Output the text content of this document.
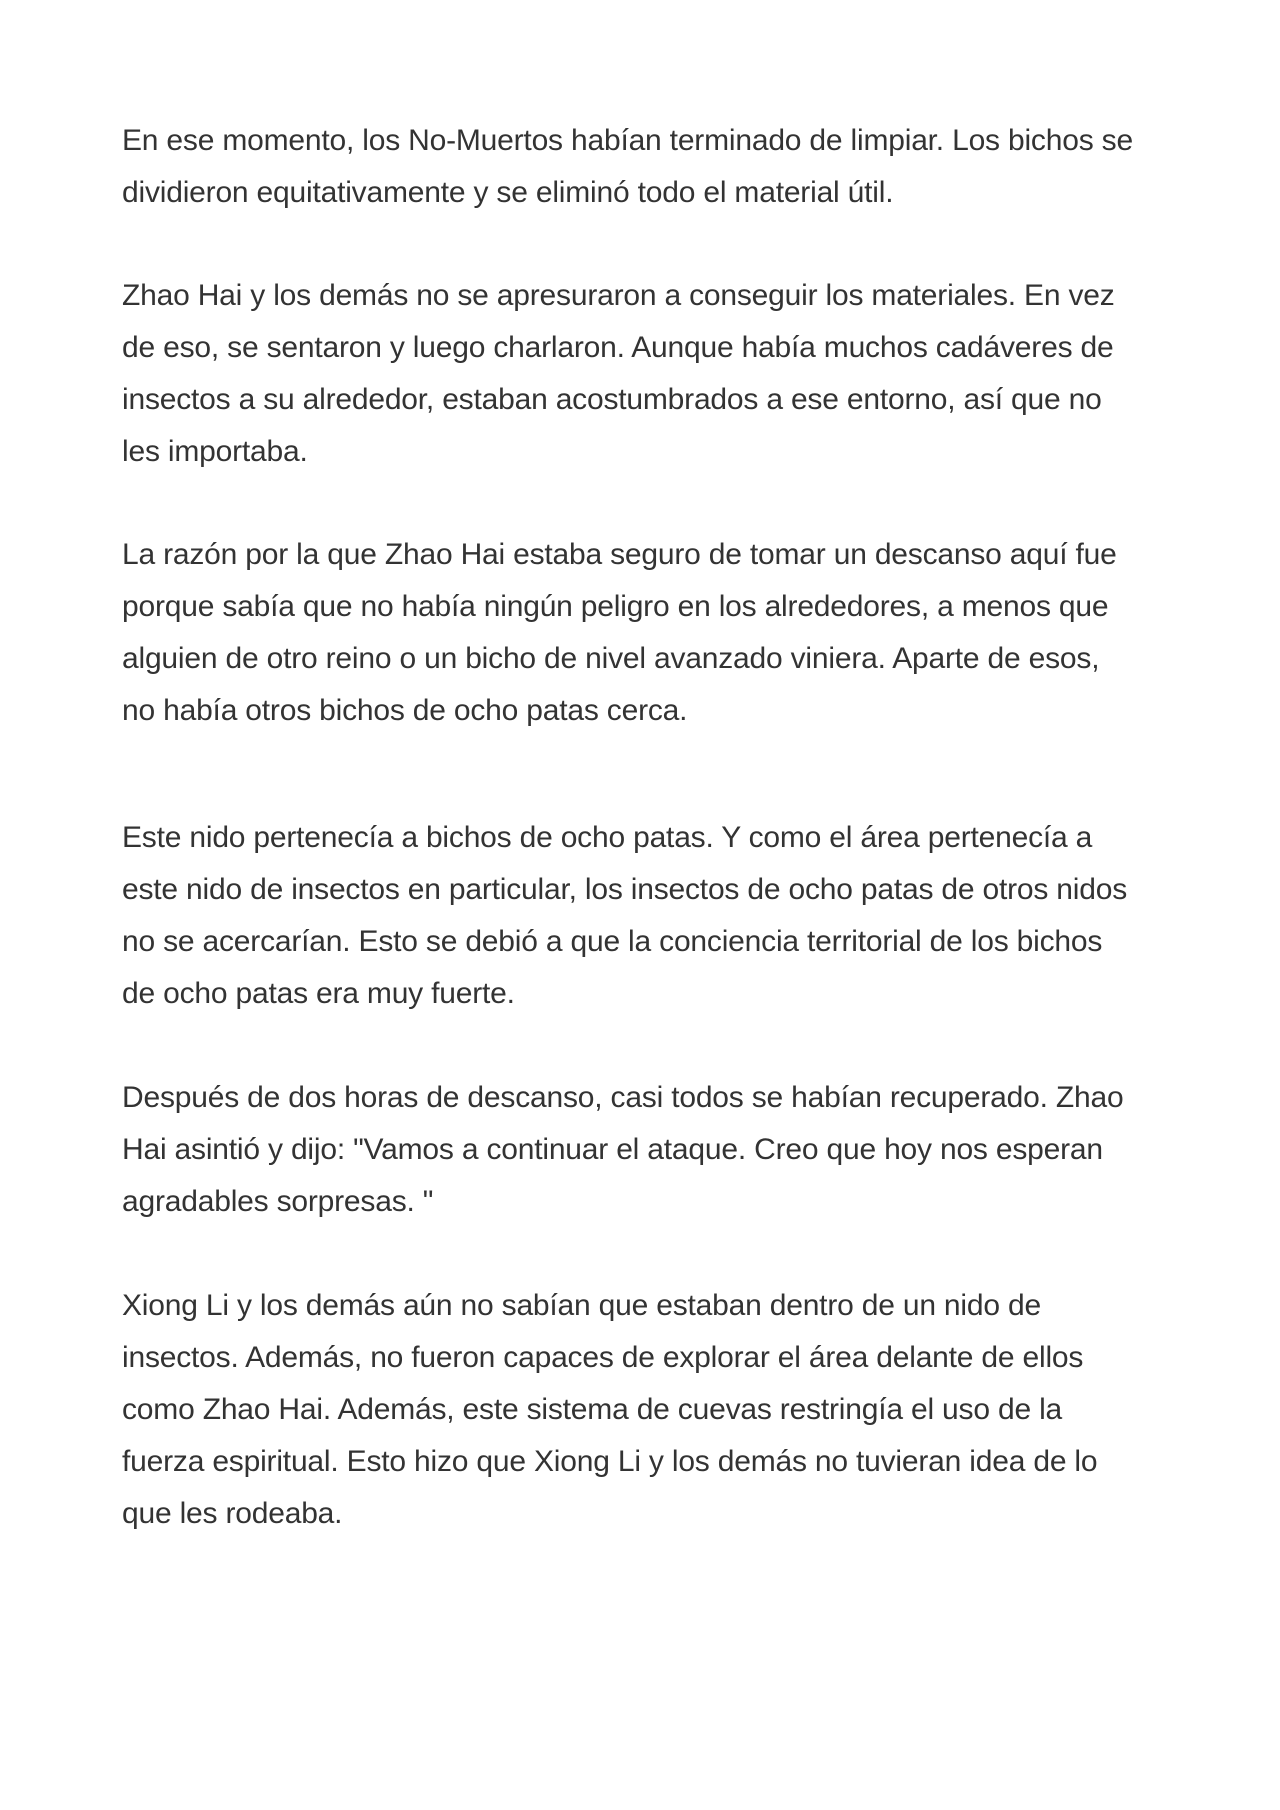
En ese momento, los No-Muertos habían terminado de limpiar. Los bichos se
dividieron equitativamente y se eliminó todo el material útil.

Zhao Hai y los demás no se apresuraron a conseguir los materiales. En vez
de eso, se sentaron y luego charlaron. Aunque había muchos cadáveres de
insectos a su alrededor, estaban acostumbrados a ese entorno, así que no
les importaba.

La razón por la que Zhao Hai estaba seguro de tomar un descanso aquí fue
porque sabía que no había ningún peligro en los alrededores, a menos que
alguien de otro reino o un bicho de nivel avanzado viniera. Aparte de esos,
no había otros bichos de ocho patas cerca.

Este nido pertenecía a bichos de ocho patas. Y como el área pertenecía a
este nido de insectos en particular, los insectos de ocho patas de otros nidos
no se acercarían. Esto se debió a que la conciencia territorial de los bichos
de ocho patas era muy fuerte.

Después de dos horas de descanso, casi todos se habían recuperado. Zhao
Hai asintió y dijo: "Vamos a continuar el ataque. Creo que hoy nos esperan
agradables sorpresas. "

Xiong Li y los demás aún no sabían que estaban dentro de un nido de
insectos. Además, no fueron capaces de explorar el área delante de ellos
como Zhao Hai. Además, este sistema de cuevas restringía el uso de la
fuerza espiritual. Esto hizo que Xiong Li y los demás no tuvieran idea de lo
que les rodeaba.
